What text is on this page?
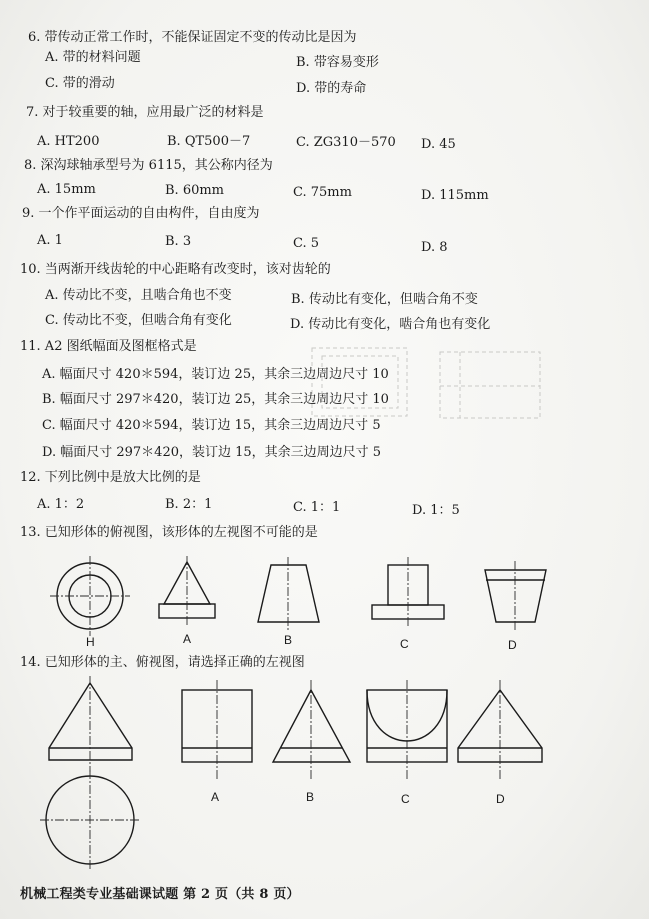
6. 带传动正常工作时，不能保证固定不变的传动比是因为
A. 带的材料问题	B. 带容易变形
C. 带的滑动	D. 带的寿命
7. 对于较重要的轴，应用最广泛的材料是
A. HT200	B. QT500－7	C. ZG310－570 D. 45
8. 深沟球轴承型号为 6115，其公称内径为
A. 15mm	B. 60mm	C. 75mm	D. 115mm
9. 一个作平面运动的自由构件，自由度为
A. 1	B. 3	C. 5	D. 8
10. 当两渐开线齿轮的中心距略有改变时，该对齿轮的
A. 传动比不变，且啮合角也不变	B. 传动比有变化，但啮合角不变
C. 传动比不变，但啮合角有变化	D. 传动比有变化，啮合角也有变化
11. A2 图纸幅面及图框格式是
A. 幅面尺寸 420＊594，装订边 25，其余三边周边尺寸 10
B. 幅面尺寸 297＊420，装订边 25，其余三边周边尺寸 10
C. 幅面尺寸 420＊594，装订边 15，其余三边周边尺寸 5
D. 幅面尺寸 297＊420，装订边 15，其余三边周边尺寸 5
12. 下列比例中是放大比例的是
A. 1：2	B. 2：1	C. 1：1	D. 1：5
13. 已知形体的俯视图，该形体的左视图不可能的是
14. 已知形体的主、俯视图，请选择正确的左视图
机械工程类专业基础课试题 第 2 页（共 8 页）
H	A	B	C	D
A	B	C	D
